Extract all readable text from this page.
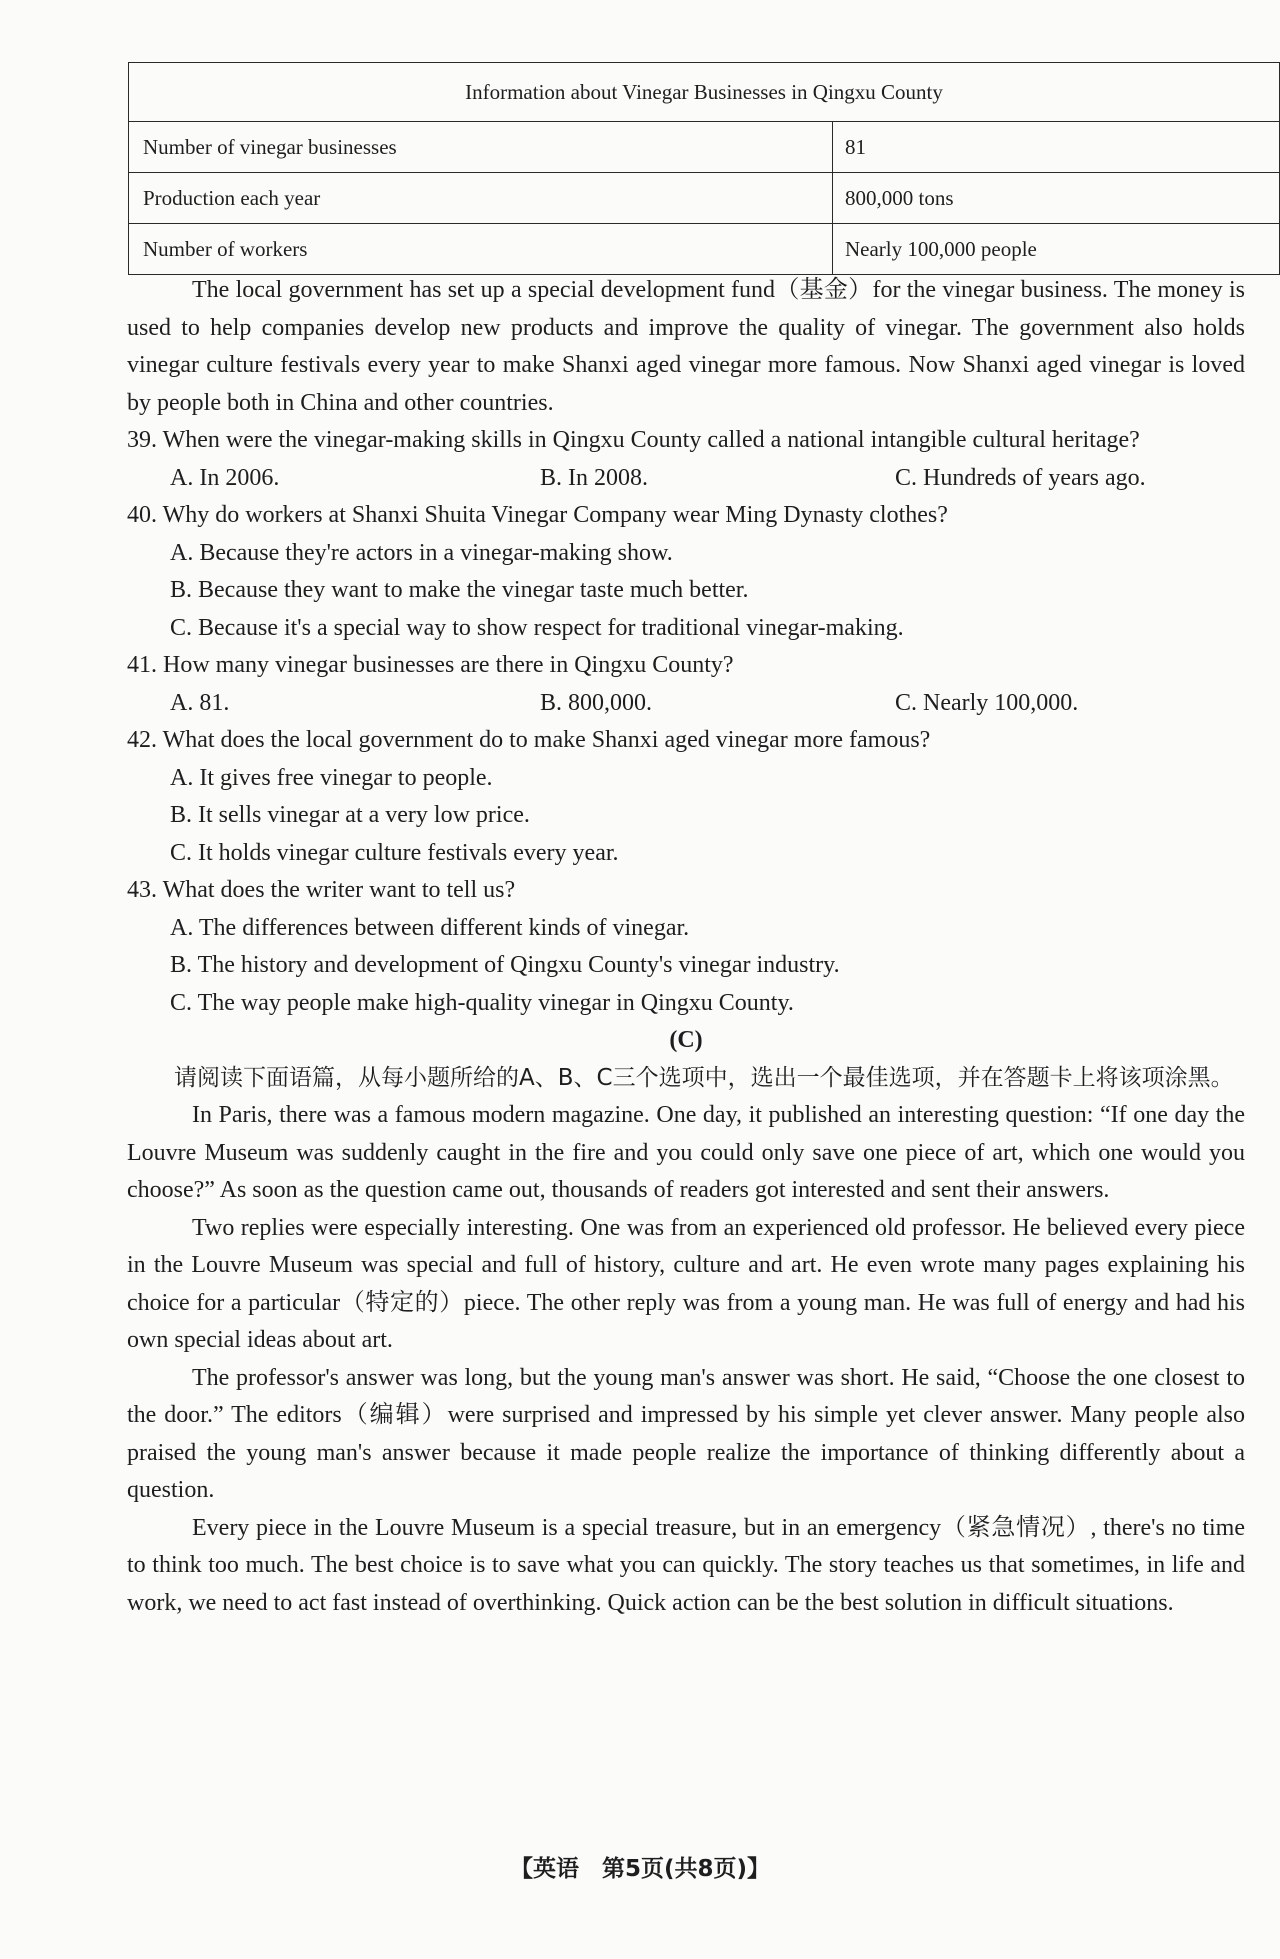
Information about Vinegar Businesses in Qingxu County	
Number of vinegar businesses	81
Production each year	800,000 tons
Number of workers	Nearly 100,000 people

The local government has set up a special development fund（基金）for the vinegar business. The money is used to help companies develop new products and improve the quality of vinegar. The government also holds vinegar culture festivals every year to make Shanxi aged vinegar more famous. Now Shanxi aged vinegar is loved by people both in China and other countries.

39. When were the vinegar-making skills in Qingxu County called a national intangible cultural heritage?

A. In 2006.	B. In 2008.	C. Hundreds of years ago.

40. Why do workers at Shanxi Shuita Vinegar Company wear Ming Dynasty clothes?

A. Because they're actors in a vinegar-making show.

B. Because they want to make the vinegar taste much better.

C. Because it's a special way to show respect for traditional vinegar-making.

41. How many vinegar businesses are there in Qingxu County?

A. 81.	B. 800,000.	C. Nearly 100,000.

42. What does the local government do to make Shanxi aged vinegar more famous?

A. It gives free vinegar to people.

B. It sells vinegar at a very low price.

C. It holds vinegar culture festivals every year.

43. What does the writer want to tell us?

A. The differences between different kinds of vinegar.

B. The history and development of Qingxu County's vinegar industry.

C. The way people make high-quality vinegar in Qingxu County.

(C)

请阅读下面语篇，从每小题所给的A、B、C三个选项中，选出一个最佳选项，并在答题卡上将该项涂黑。

In Paris, there was a famous modern magazine. One day, it published an interesting question: “If one day the Louvre Museum was suddenly caught in the fire and you could only save one piece of art, which one would you choose?” As soon as the question came out, thousands of readers got interested and sent their answers.

Two replies were especially interesting. One was from an experienced old professor. He believed every piece in the Louvre Museum was special and full of history, culture and art. He even wrote many pages explaining his choice for a particular（特定的）piece. The other reply was from a young man. He was full of energy and had his own special ideas about art.

The professor's answer was long, but the young man's answer was short. He said, “Choose the one closest to the door.” The editors（编辑）were surprised and impressed by his simple yet clever answer. Many people also praised the young man's answer because it made people realize the importance of thinking differently about a question.

Every piece in the Louvre Museum is a special treasure, but in an emergency（紧急情况）, there's no time to think too much. The best choice is to save what you can quickly. The story teaches us that sometimes, in life and work, we need to act fast instead of overthinking. Quick action can be the best solution in difficult situations.

【英语　第5页(共8页)】
